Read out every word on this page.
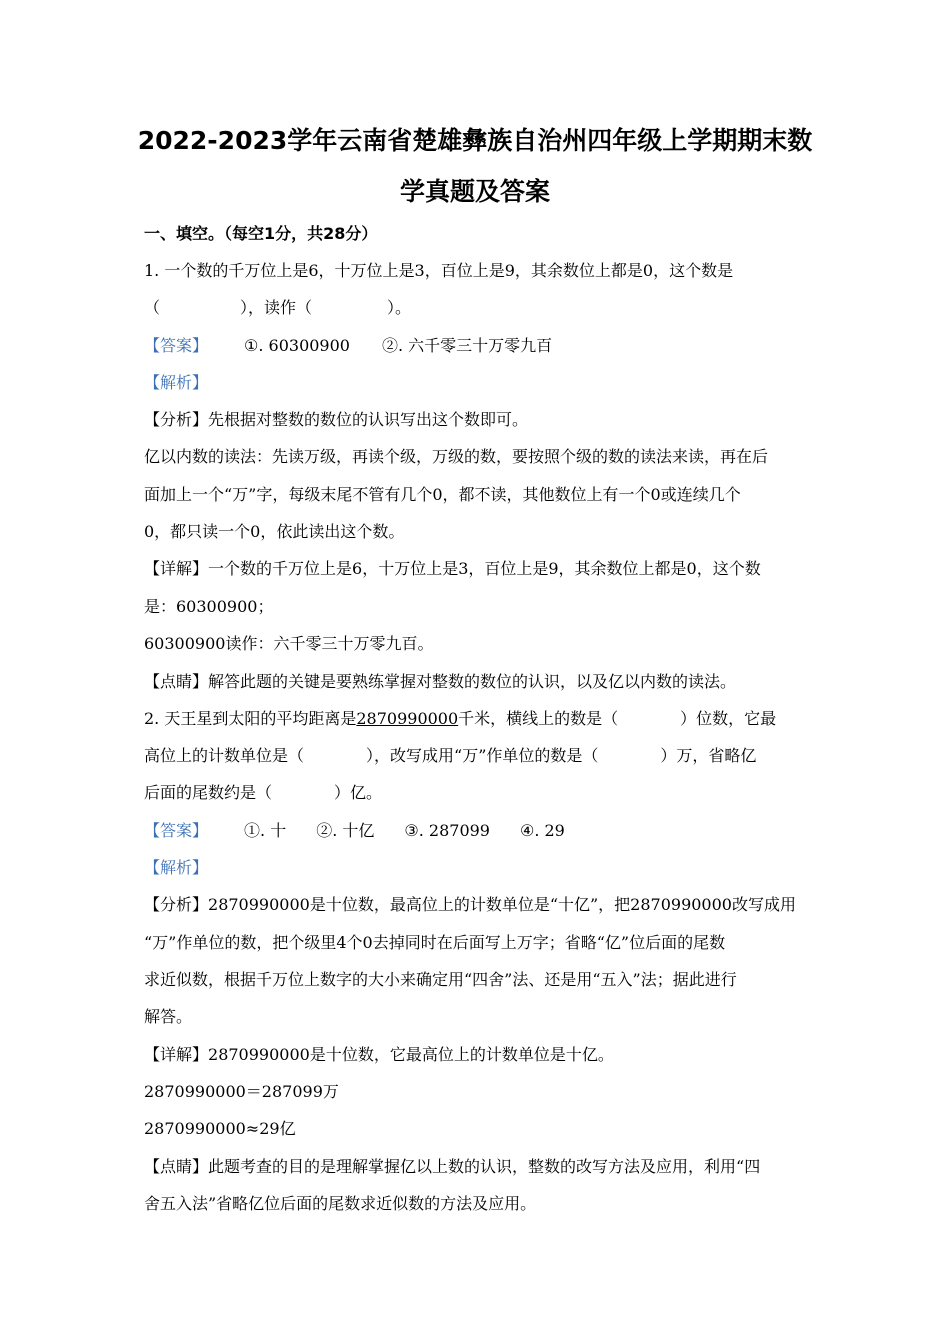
2022-2023学年云南省楚雄彝族自治州四年级上学期期末数
学真题及答案
一、填空。（每空1分，共28分）
1. 一个数的千万位上是6，十万位上是3，百位上是9，其余数位上都是0，这个数是
（	），读作（	）。
【答案】 ①. 60300900 ②. 六千零三十万零九百
【解析】
【分析】先根据对整数的数位的认识写出这个数即可。
亿以内数的读法：先读万级，再读个级，万级的数，要按照个级的数的读法来读，再在后
面加上一个“万”字，每级末尾不管有几个0，都不读，其他数位上有一个0或连续几个
0，都只读一个0，依此读出这个数。
【详解】一个数的千万位上是6，十万位上是3，百位上是9，其余数位上都是0，这个数
是：60300900；
60300900读作：六千零三十万零九百。
【点睛】解答此题的关键是要熟练掌握对整数的数位的认识，以及亿以内数的读法。
2. 天王星到太阳的平均距离是2870990000千米，横线上的数是（	）位数，它最
高位上的计数单位是（	），改写成用“万”作单位的数是（	）万，省略亿
后面的尾数约是（	）亿。
【答案】 ①. 十 ②. 十亿 ③. 287099 ④. 29
【解析】
【分析】2870990000是十位数，最高位上的计数单位是“十亿”，把2870990000改写成用
“万”作单位的数，把个级里4个0去掉同时在后面写上万字；省略“亿”位后面的尾数
求近似数，根据千万位上数字的大小来确定用“四舍”法、还是用“五入”法；据此进行
解答。
【详解】2870990000是十位数，它最高位上的计数单位是十亿。
2870990000＝287099万
2870990000≈29亿
【点睛】此题考查的目的是理解掌握亿以上数的认识，整数的改写方法及应用，利用“四
舍五入法”省略亿位后面的尾数求近似数的方法及应用。
